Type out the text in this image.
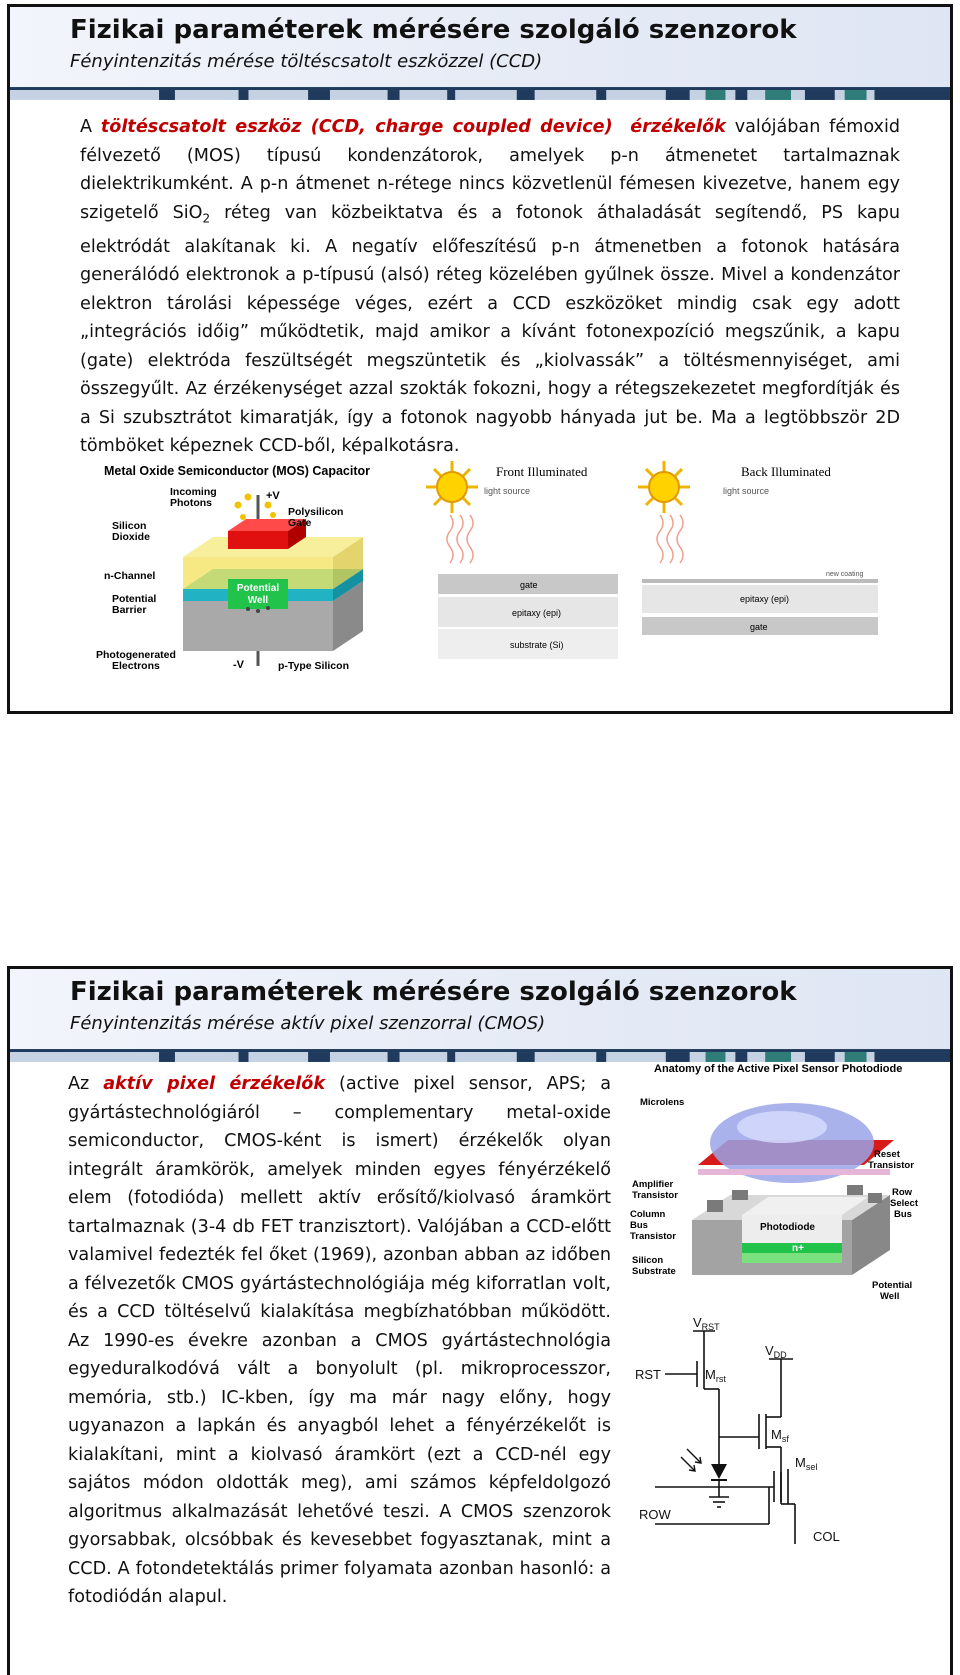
Fizikai paraméterek mérésére szolgáló szenzorok
Fényintenzitás mérése töltéscsatolt eszközzel (CCD)
A töltéscsatolt eszköz (CCD, charge coupled device) érzékelők valójában fémoxid félvezető (MOS) típusú kondenzátorok, amelyek p-n átmenetet tartalmaznak dielektrikumként. A p-n átmenet n-rétege nincs közvetlenül fémesen kivezetve, hanem egy szigetelő SiO$_2$ réteg van közbeiktatva és a fotonok áthaladását segítendő, PS kapu elektródát alakítanak ki. A negatív előfeszítésű p-n átmenetben a fotonok hatására generálódó elektronok a p-típusú (alsó) réteg közelében gyűlnek össze. Mivel a kondenzátor elektron tárolási képessége véges, ezért a CCD eszközöket mindig csak egy adott „integrációs időig” működtetik, majd amikor a kívánt fotonexpozíció megszűnik, a kapu (gate) elektróda feszültségét megszüntetik és „kiolvassák” a töltésmennyiséget, ami összegyűlt. Az érzékenységet azzal szokták fokozni, hogy a rétegszekezetet megfordítják és a Si szubsztrátot kimaratják, így a fotonok nagyobb hányada jut be. Ma a legtöbbször 2D tömböket képeznek CCD-ből, képalkotásra.
Metal Oxide Semiconductor (MOS) Capacitor
Potential
Well
Incoming
Photons
+V
Polysilicon
Gate
Silicon
Dioxide
n-Channel
Potential
Barrier
Photogenerated
Electrons	-V	p-Type Silicon
Front Illuminated
light source
gate
epitaxy (epi)
substrate (Si)
Back Illuminated
light source
new coating
epitaxy (epi)
gate
Fizikai paraméterek mérésére szolgáló szenzorok
Fényintenzitás mérése aktív pixel szenzorral (CMOS)
Az aktív pixel érzékelők (active pixel sensor, APS; a gyártástechnológiáról – complementary metal-oxide semiconductor, CMOS-ként is ismert) érzékelők olyan integrált áramkörök, amelyek minden egyes fényérzékelő elem (fotodióda) mellett aktív erősítő/kiolvasó áramkört tartalmaznak (3-4 db FET tranzisztort). Valójában a CCD-előtt valamivel fedezték fel őket (1969), azonban abban az időben a félvezetők CMOS gyártástechnológiája még kiforratlan volt, és a CCD töltéselvű kialakítása megbízhatóbban működött. Az 1990-es évekre azonban a CMOS gyártástechnológia egyeduralkodóvá vált a bonyolult (pl. mikroprocesszor, memória, stb.) IC-kben, így ma már nagy előny, hogy ugyanazon a lapkán és anyagból lehet a fényérzékelőt is kialakítani, mint a kiolvasó áramkört (ezt a CCD-nél egy sajátos módon oldották meg), ami számos képfeldolgozó algoritmus alkalmazását lehetővé teszi. A CMOS szenzorok gyorsabbak, olcsóbbak és kevesebbet fogyasztanak, mint a CCD. A fotondetektálás primer folyamata azonban hasonló: a fotodiódán alapul.
Anatomy of the Active Pixel Sensor Photodiode
Photodiode
n+
Microlens
Amplifier
Transistor
Column
Bus
Transistor
Silicon
Substrate
Reset
Transistor
Row
Select
Bus
Potential
Well
$V_{RST}$
$V_{DD}$
RST	$M_{rst}$
$M_{sf}$
$M_{sel}$
ROW
COL
